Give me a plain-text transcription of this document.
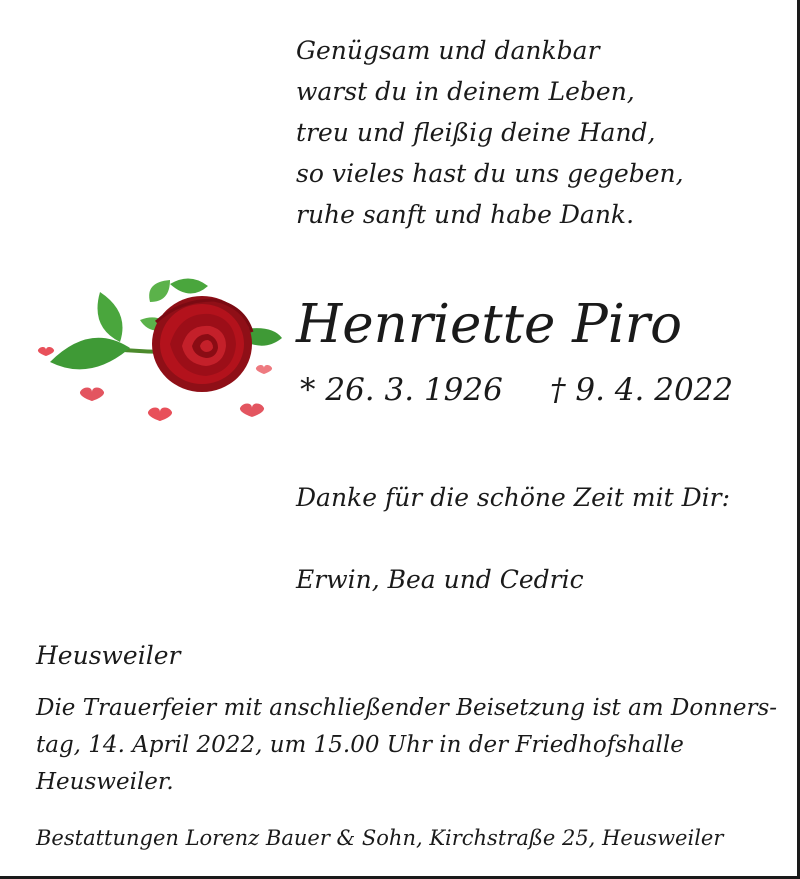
Genügsam und dankbar
warst du in deinem Leben,
treu und fleißig deine Hand,
so vieles hast du uns gegeben,
ruhe sanft und habe Dank.
Henriette Piro
* 26. 3. 1926 † 9. 4. 2022
Danke für die schöne Zeit mit Dir:
Erwin, Bea und Cedric
Heusweiler
Die Trauerfeier mit anschließender Beisetzung ist am Donners-
tag, 14. April 2022, um 15.00 Uhr in der Friedhofshalle
Heusweiler.
Bestattungen Lorenz Bauer & Sohn, Kirchstraße 25, Heusweiler
